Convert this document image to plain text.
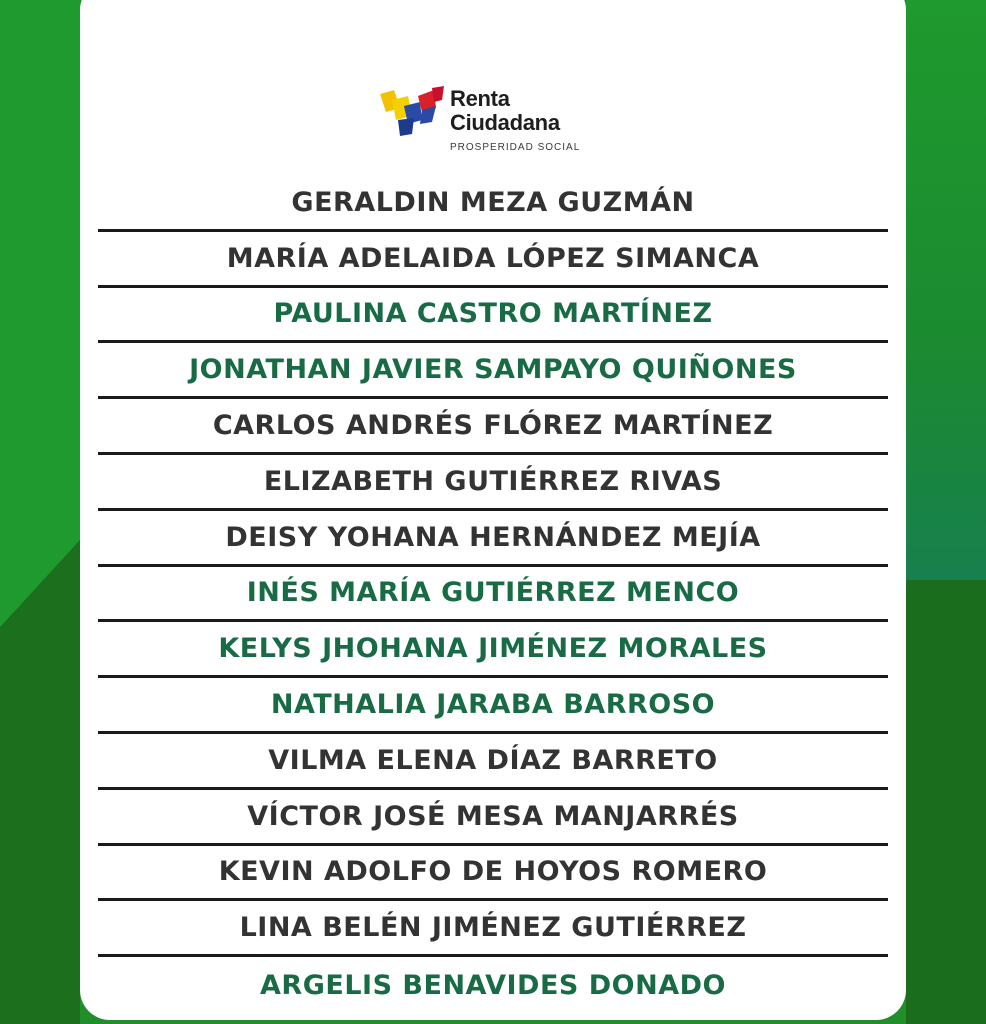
Renta
Ciudadana
PROSPERIDAD SOCIAL
GERALDIN MEZA GUZMÁN
MARÍA ADELAIDA LÓPEZ SIMANCA
PAULINA CASTRO MARTÍNEZ
JONATHAN JAVIER SAMPAYO QUIÑONES
CARLOS ANDRÉS FLÓREZ MARTÍNEZ
ELIZABETH GUTIÉRREZ RIVAS
DEISY YOHANA HERNÁNDEZ MEJÍA
INÉS MARÍA GUTIÉRREZ MENCO
KELYS JHOHANA JIMÉNEZ MORALES
NATHALIA JARABA BARROSO
VILMA ELENA DÍAZ BARRETO
VÍCTOR JOSÉ MESA MANJARRÉS
KEVIN ADOLFO DE HOYOS ROMERO
LINA BELÉN JIMÉNEZ GUTIÉRREZ
ARGELIS BENAVIDES DONADO
